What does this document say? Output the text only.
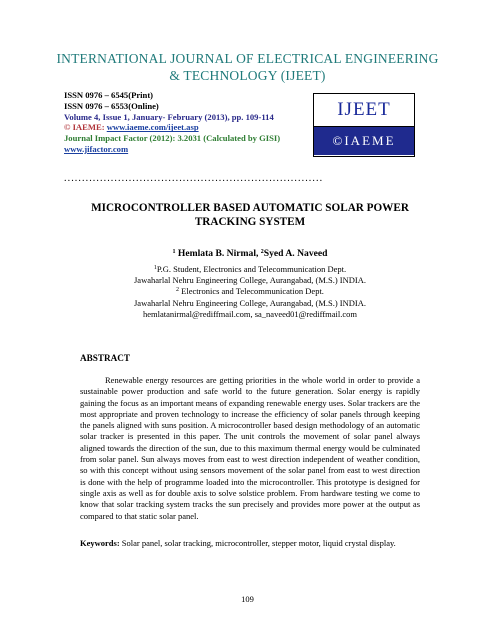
INTERNATIONAL JOURNAL OF ELECTRICAL ENGINEERING
& TECHNOLOGY (IJEET)
ISSN 0976 – 6545(Print)
ISSN 0976 – 6553(Online)
Volume 4, Issue 1, January- February (2013), pp. 109-114
© IAEME: www.iaeme.com/ijeet.asp
Journal Impact Factor (2012): 3.2031 (Calculated by GISI)
www.jifactor.com
IJEET
©IAEME
........................................................................
MICROCONTROLLER BASED AUTOMATIC SOLAR POWER
TRACKING SYSTEM
$^1$ Hemlata B. Nirmal, $^2$Syed A. Naveed
$^1$P.G. Student, Electronics and Telecommunication Dept.
Jawaharlal Nehru Engineering College, Aurangabad, (M.S.) INDIA.
$^2$ Electronics and Telecommunication Dept.
Jawaharlal Nehru Engineering College, Aurangabad, (M.S.) INDIA.
hemlatanirmal@rediffmail.com, sa_naveed01@rediffmail.com
ABSTRACT

Renewable energy resources are getting priorities in the whole world in order to provide a sustainable power production and safe world to the future generation. Solar energy is rapidly gaining the focus as an important means of expanding renewable energy uses. Solar trackers are the most appropriate and proven technology to increase the efficiency of solar panels through keeping the panels aligned with suns position. A microcontroller based design methodology of an automatic solar tracker is presented in this paper. The unit controls the movement of solar panel always aligned towards the direction of the sun, due to this maximum thermal energy would be culminated from solar panel. Sun always moves from east to west direction independent of weather condition, so with this concept without using sensors movement of the solar panel from east to west direction is done with the help of programme loaded into the microcontroller. This prototype is designed for single axis as well as for double axis to solve solstice problem. From hardware testing we come to know that solar tracking system tracks the sun precisely and provides more power at the output as compared to that static solar panel.

Keywords: Solar panel, solar tracking, microcontroller, stepper motor, liquid crystal display.
109
